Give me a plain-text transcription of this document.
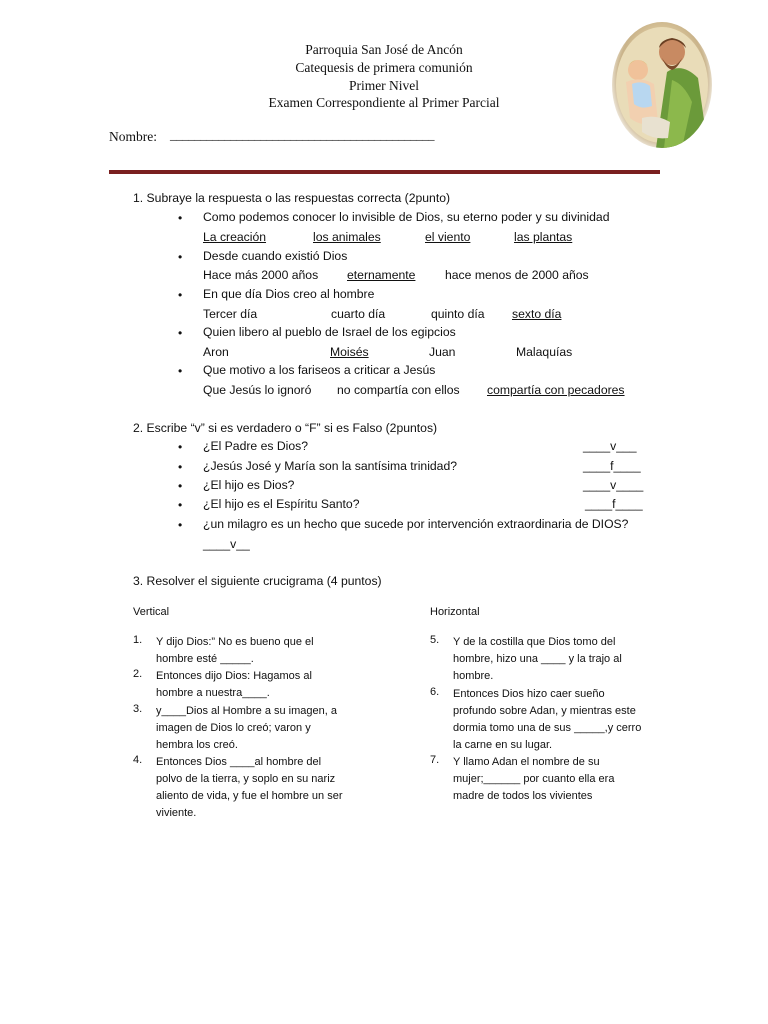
Parroquia San José de Ancón
Catequesis de primera comunión
Primer Nivel
Examen Correspondiente al Primer Parcial
Nombre: ____________________________________________
1. Subraye la respuesta o las respuestas correcta (2punto)
• Como podemos conocer lo invisible de Dios, su eterno poder y su divinidad
La creación	los animales	el viento	las plantas
• Desde cuando existió Dios
Hace más 2000 años eternamente hace menos de 2000 años
• En que día Dios creo al hombre
Tercer día	cuarto día	quinto día sexto día
• Quien libero al pueblo de Israel de los egipcios
Aron	Moisés	Juan	Malaquías
• Que motivo a los fariseos a criticar a Jesús
Que Jesús lo ignoró no compartía con ellos compartía con pecadores
2. Escribe “v” si es verdadero o “F” si es Falso (2puntos)
• ¿El Padre es Dios?	____v___
• ¿Jesús José y María son la santísima trinidad?	____f____
• ¿El hijo es Dios?	____v____
• ¿El hijo es el Espíritu Santo?	____f____
• ¿un milagro es un hecho que sucede por intervención extraordinaria de DIOS?
____v__
3. Resolver el siguiente crucigrama (4 puntos)
Vertical	Horizontal
1. Y dijo Dios:” No es bueno que el
hombre esté _____.
2. Entonces dijo Dios: Hagamos al
hombre a nuestra____.
3. y____Dios al Hombre a su imagen, a
imagen de Dios lo creó; varon y
hembra los creó.
4. Entonces Dios ____al hombre del
polvo de la tierra, y soplo en su nariz
aliento de vida, y fue el hombre un ser
viviente.
5. Y de la costilla que Dios tomo del
hombre, hizo una ____ y la trajo al
hombre.
6. Entonces Dios hizo caer sueño
profundo sobre Adan, y mientras este
dormia tomo una de sus _____,y cerro
la carne en su lugar.
7. Y llamo Adan el nombre de su
mujer;______ por cuanto ella era
madre de todos los vivientes
